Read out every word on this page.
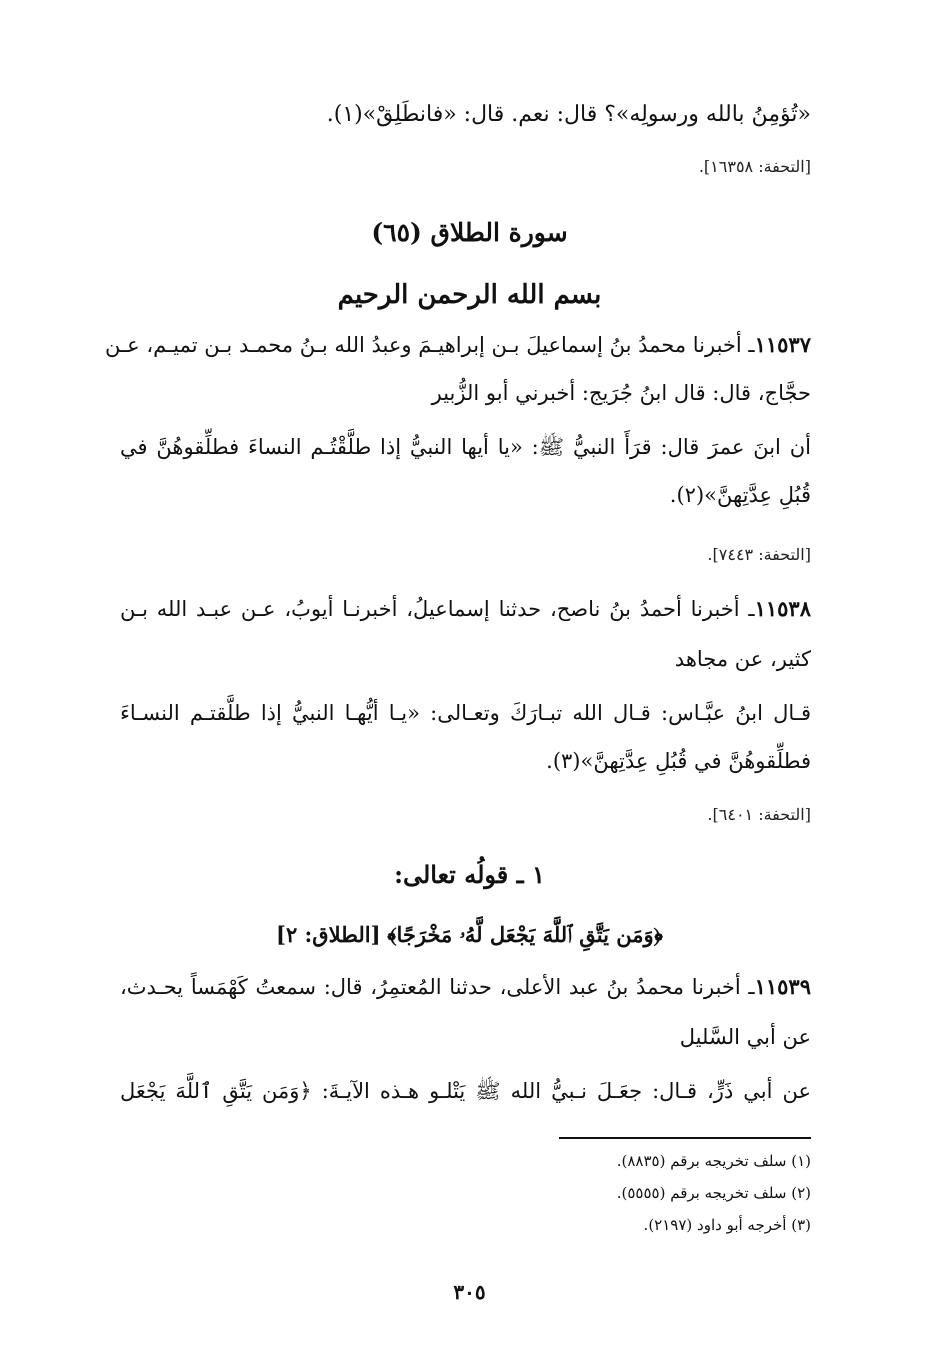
«تُؤمِنُ بالله ورسولِه»؟ قال: نعم. قال: «فانطَلِقْ»(١).
[التحفة: ١٦٣٥٨].
سورة الطلاق (٦٥)
بسم الله الرحمن الرحيم
١١٥٣٧ـ أخبرنا محمدُ بنُ إسماعيلَ بـن إبراهيـمَ وعبدُ الله بـنُ محمـد بـن تميـم، عـن
حجَّاج، قال: قال ابنُ جُرَيج: أخبرني أبو الزُّبير
أن ابنَ عمرَ قال: قرَأَ النبيُّ ﷺ: «يا أيها النبيُّ إذا طلَّقْتُـم النساءَ فطلِّقوهُنَّ في
قُبُلِ عِدَّتِهنَّ»(٢).
[التحفة: ٧٤٤٣].
١١٥٣٨ـ أخبرنا أحمدُ بنُ ناصح، حدثنا إسماعيلُ، أخبرنـا أيوبُ، عـن عبـد الله بـن
كثير، عن مجاهد
قـال ابنُ عبَّـاس: قـال الله تبـارَكَ وتعـالى: «يـا أيُّهـا النبيُّ إذا طلَّقتـم النسـاءَ
فطلِّقوهُنَّ في قُبُلِ عِدَّتِهنَّ»(٣).
[التحفة: ٦٤٠١].
١ ـ قولُه تعالى:
﴿وَمَن يَتَّقِ ٱللَّهَ يَجْعَل لَّهُۥ مَخْرَجًا﴾ [الطلاق: ٢]
١١٥٣٩ـ أخبرنا محمدُ بنُ عبد الأعلى، حدثنا المُعتمِرُ، قال: سمعتُ كَهْمَساً يحـدث،
عن أبي السَّليل
عن أبي ذَرٍّ، قـال: جعَـلَ نـبيُّ الله ﷺ يَتْلـو هـذه الآيـةَ: ﴿وَمَن يَتَّقِ ٱللَّهَ يَجْعَل
(١) سلف تخريجه برقم (٨٨٣٥).
(٢) سلف تخريجه برقم (٥٥٥٥).
(٣) أخرجه أبو داود (٢١٩٧).
٣٠٥
